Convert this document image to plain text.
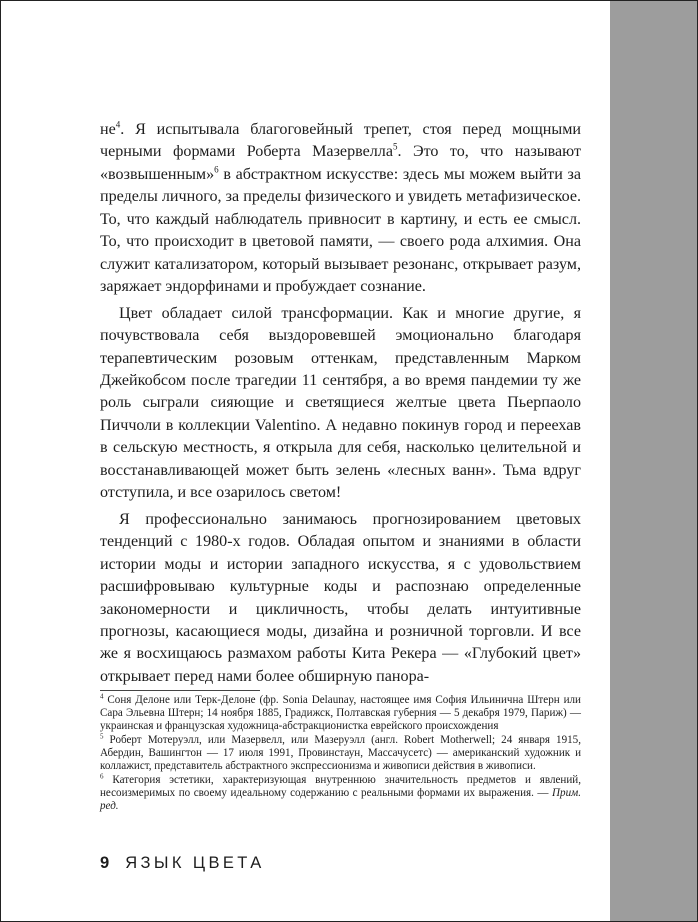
$не^4$. Я испытывала благоговейный трепет, стоя перед мощными черными формами Роберта Мазервелла$^5$. Это то, что называют «возвышенным»$^6$ в абстрактном искусстве: здесь мы можем выйти за пределы личного, за пределы физического и увидеть метафизическое. То, что каждый наблюдатель привносит в картину, и есть ее смысл. То, что происходит в цветовой памяти, — своего рода алхимия. Она служит катализатором, который вызывает резонанс, открывает разум, заряжает эндорфинами и пробуждает сознание.

Цвет обладает силой трансформации. Как и многие другие, я почувствовала себя выздоровевшей эмоционально благодаря терапевтическим розовым оттенкам, представленным Марком Джейкобсом после трагедии 11 сентября, а во время пандемии ту же роль сыграли сияющие и светящиеся желтые цвета Пьерпаоло Пиччоли в коллекции Valentino. А недавно покинув город и переехав в сельскую местность, я открыла для себя, насколько целительной и восстанавливающей может быть зелень «лесных ванн». Тьма вдруг отступила, и все озарилось светом!

Я профессионально занимаюсь прогнозированием цветовых тенденций с 1980-х годов. Обладая опытом и знаниями в области истории моды и истории западного искусства, я с удовольствием расшифровываю культурные коды и распознаю определенные закономерности и цикличность, чтобы делать интуитивные прогнозы, касающиеся моды, дизайна и розничной торговли. И все же я восхищаюсь размахом работы Кита Рекера — «Глубокий цвет» открывает перед нами более обширную панора-

$^4$ Соня Делоне или Терк-Делоне (фр. Sonia Delaunay, настоящее имя София Ильинична Штерн или Сара Эльевна Штерн; 14 ноября 1885, Градижск, Полтавская губерния — 5 декабря 1979, Париж) — украинская и французская художница-абстракционистка еврейского происхождения
$^5$ Роберт Мотеруэлл, или Мазервелл, или Мазеруэлл (англ. Robert Motherwell; 24 января 1915, Абердин, Вашингтон — 17 июля 1991, Провинстаун, Массачусетс) — американский художник и коллажист, представитель абстрактного экспрессионизма и живописи действия в живописи.
$^6$ Категория эстетики, характеризующая внутреннюю значительность предметов и явлений, несоизмеримых по своему идеальному содержанию с реальными формами их выражения. — Прим. ред.
9 ЯЗЫК ЦВЕТА
